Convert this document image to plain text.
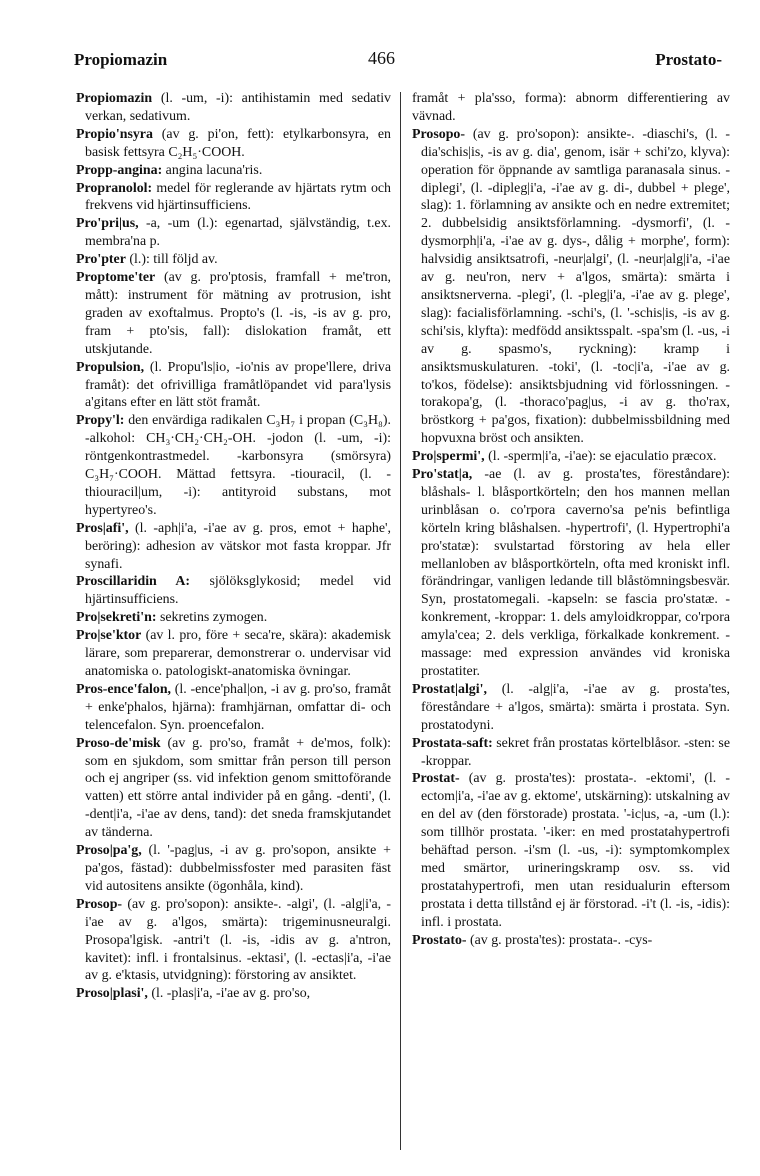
Propiomazin	466	Prostato-

Propiomazin (l. -um, -i): antihistamin med sedativ verkan, sedativum.

Propio'nsyra (av g. pi'on, fett): etylkarbonsyra, en basisk fettsyra C₂H₅·COOH.

Propp-angina: angina lacuna'ris.

Propranolol: medel för reglerande av hjärtats rytm och frekvens vid hjärtinsufficiens.

Pro'pri|us, -a, -um (l.): egenartad, självständig, t.ex. membra'na p.

Pro'pter (l.): till följd av.

Proptome'ter (av g. pro'ptosis, framfall + me'tron, mått): instrument för mätning av protrusion, isht graden av exoftalmus. Propto's (l. -is, -is av g. pro, fram + pto'sis, fall): dislokation framåt, ett utskjutande.

Propulsion, (l. Propu'ls|io, -io'nis av prope'llere, driva framåt): det ofrivilliga framåtlöpandet vid para'lysis a'gitans efter en lätt stöt framåt.

Propy'l: den envärdiga radikalen C₃H₇ i propan (C₃H₈). -alkohol: CH₃·CH₂·CH₂-OH. -jodon (l. -um, -i): röntgenkontrastmedel. -karbonsyra (smörsyra) C₃H₇·COOH. Mättad fettsyra. -tiouracil, (l. -thiouracil|um, -i): antityroid substans, mot hypertyreo's.

Pros|afi', (l. -aph|i'a, -i'ae av g. pros, emot + haphe', beröring): adhesion av vätskor mot fasta kroppar. Jfr synafi.

Proscillaridin A: sjölöksglykosid; medel vid hjärtinsufficiens.

Pro|sekreti'n: sekretins zymogen.

Pro|se'ktor (av l. pro, före + seca're, skära): akademisk lärare, som preparerar, demonstrerar o. undervisar vid anatomiska o. patologiskt-anatomiska övningar.

Pros-ence'falon, (l. -ence'phal|on, -i av g. pro'so, framåt + enke'phalos, hjärna): framhjärnan, omfattar di- och telencefalon. Syn. proencefalon.

Proso-de'misk (av g. pro'so, framåt + de'mos, folk): som en sjukdom, som smittar från person till person och ej angriper (ss. vid infektion genom smittoförande vatten) ett större antal individer på en gång. -denti', (l. -dent|i'a, -i'ae av dens, tand): det sneda framskjutandet av tänderna.

Proso|pa'g, (l. '-pag|us, -i av g. pro'sopon, ansikte + pa'gos, fästad): dubbelmissfoster med parasiten fäst vid autositens ansikte (ögonhåla, kind).

Prosop- (av g. pro'sopon): ansikte-. -algi', (l. -alg|i'a, -i'ae av g. a'lgos, smärta): trigeminusneuralgi. Prosopa'lgisk. -antri't (l. -is, -idis av g. a'ntron, kavitet): infl. i frontalsinus. -ektasi', (l. -ectas|i'a, -i'ae av g. e'ktasis, utvidgning): förstoring av ansiktet.

Proso|plasi', (l. -plas|i'a, -i'ae av g. pro'so,

framåt + pla'sso, forma): abnorm differentiering av vävnad.

Prosopo- (av g. pro'sopon): ansikte-. -diaschi's, (l. -dia'schis|is, -is av g. dia', genom, isär + schi'zo, klyva): operation för öppnande av samtliga paranasala sinus. -diplegi', (l. -dipleg|i'a, -i'ae av g. di-, dubbel + plege', slag): 1. förlamning av ansikte och en nedre extremitet; 2. dubbelsidig ansiktsförlamning. -dysmorfi', (l. -dysmorph|i'a, -i'ae av g. dys-, dålig + morphe', form): halvsidig ansiktsatrofi, -neur|algi', (l. -neur|alg|i'a, -i'ae av g. neu'ron, nerv + a'lgos, smärta): smärta i ansiktsnerverna. -plegi', (l. -pleg|i'a, -i'ae av g. plege', slag): facialisförlamning. -schi's, (l. '-schis|is, -is av g. schi'sis, klyfta): medfödd ansiktsspalt. -spa'sm (l. -us, -i av g. spasmo's, ryckning): kramp i ansiktsmuskulaturen. -toki', (l. -toc|i'a, -i'ae av g. to'kos, födelse): ansiktsbjudning vid förlossningen. -torakopa'g, (l. -thoraco'pag|us, -i av g. tho'rax, bröstkorg + pa'gos, fixation): dubbelmissbildning med hopvuxna bröst och ansikten.

Pro|spermi', (l. -sperm|i'a, -i'ae): se ejaculatio præcox.

Pro'stat|a, -ae (l. av g. prosta'tes, föreståndare): blåshals- l. blåsportkörteln; den hos mannen mellan urinblåsan o. co'rpora caverno'sa pe'nis befintliga körteln kring blåshalsen. -hypertrofi', (l. Hypertrophi'a pro'statæ): svulstartad förstoring av hela eller mellanloben av blåsportkörteln, ofta med kroniskt infl. förändringar, vanligen ledande till blåstömningsbesvär. Syn, prostatomegali. -kapseln: se fascia pro'statæ. -konkrement, -kroppar: 1. dels amyloidkroppar, co'rpora amyla'cea; 2. dels verkliga, förkalkade konkrement. -massage: med expression användes vid kroniska prostatiter.

Prostat|algi', (l. -alg|i'a, -i'ae av g. prosta'tes, föreståndare + a'lgos, smärta): smärta i prostata. Syn. prostatodyni.

Prostata-saft: sekret från prostatas körtelblåsor. -sten: se -kroppar.

Prostat- (av g. prosta'tes): prostata-. -ektomi', (l. -ectom|i'a, -i'ae av g. ektome', utskärning): utskalning av en del av (den förstorade) prostata. '-ic|us, -a, -um (l.): som tillhör prostata. '-iker: en med prostatahypertrofi behäftad person. -i'sm (l. -us, -i): symptomkomplex med smärtor, urineringskramp osv. ss. vid prostatahypertrofi, men utan residualurin eftersom prostata i detta tillstånd ej är förstorad. -i't (l. -is, -idis): infl. i prostata.

Prostato- (av g. prosta'tes): prostata-. -cys-
